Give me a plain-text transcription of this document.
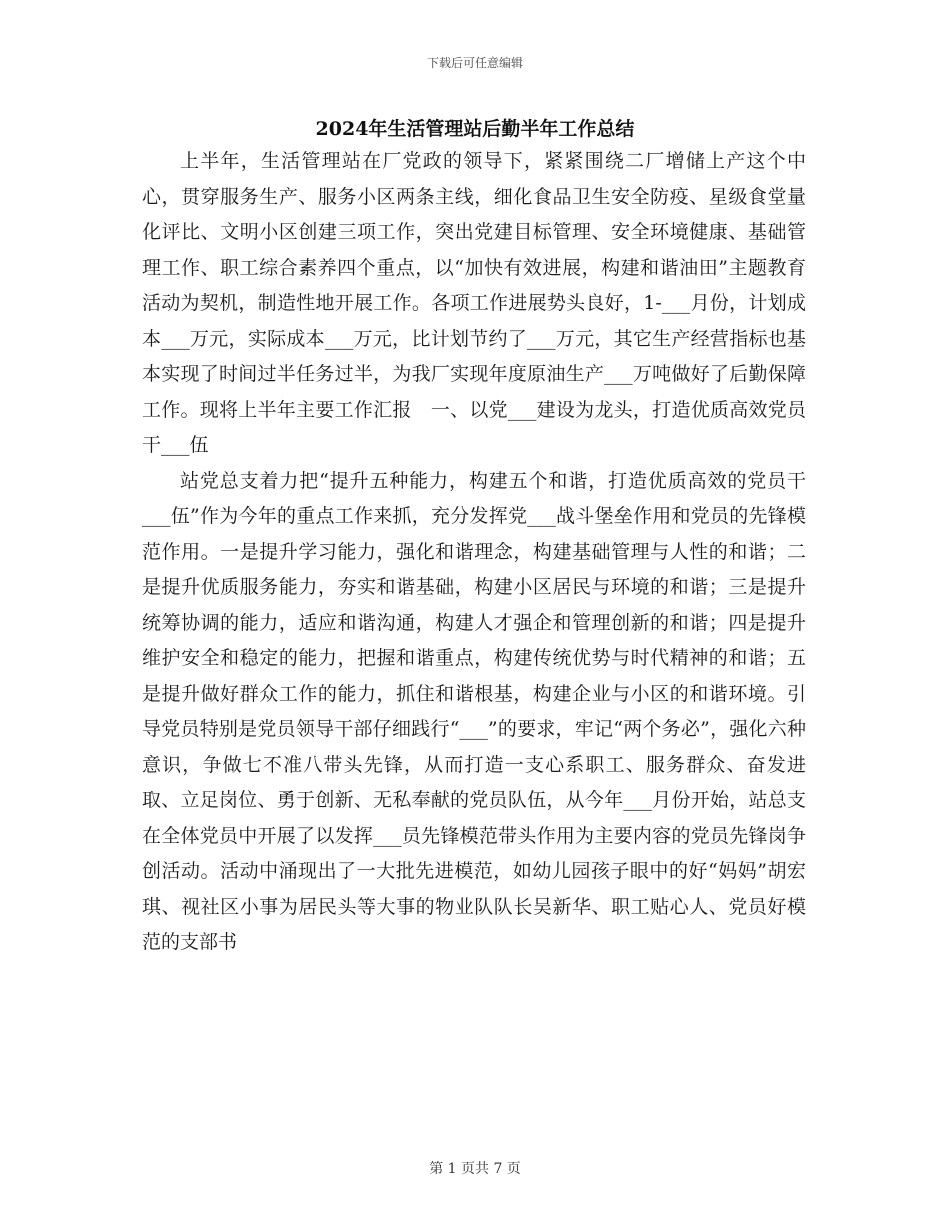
下载后可任意编辑
2024年生活管理站后勤半年工作总结

上半年，生活管理站在厂党政的领导下，紧紧围绕二厂增储上产这个中心，贯穿服务生产、服务小区两条主线，细化食品卫生安全防疫、星级食堂量化评比、文明小区创建三项工作，突出党建目标管理、安全环境健康、基础管理工作、职工综合素养四个重点，以“加快有效进展，构建和谐油田”主题教育活动为契机，制造性地开展工作。各项工作进展势头良好，1-___月份，计划成本___万元，实际成本___万元，比计划节约了___万元，其它生产经营指标也基本实现了时间过半任务过半，为我厂实现年度原油生产___万吨做好了后勤保障工作。现将上半年主要工作汇报　一、以党___建设为龙头，打造优质高效党员干___伍

站党总支着力把“提升五种能力，构建五个和谐，打造优质高效的党员干___伍”作为今年的重点工作来抓，充分发挥党___战斗堡垒作用和党员的先锋模范作用。一是提升学习能力，强化和谐理念，构建基础管理与人性的和谐；二是提升优质服务能力，夯实和谐基础，构建小区居民与环境的和谐；三是提升统筹协调的能力，适应和谐沟通，构建人才强企和管理创新的和谐；四是提升维护安全和稳定的能力，把握和谐重点，构建传统优势与时代精神的和谐；五是提升做好群众工作的能力，抓住和谐根基，构建企业与小区的和谐环境。引导党员特别是党员领导干部仔细践行“___”的要求，牢记“两个务必”，强化六种意识，争做七不准八带头先锋，从而打造一支心系职工、服务群众、奋发进取、立足岗位、勇于创新、无私奉献的党员队伍，从今年___月份开始，站总支在全体党员中开展了以发挥___员先锋模范带头作用为主要内容的党员先锋岗争创活动。活动中涌现出了一大批先进模范，如幼儿园孩子眼中的好“妈妈”胡宏琪、视社区小事为居民头等大事的物业队队长吴新华、职工贴心人、党员好模范的支部书

第 1 页共 7 页
